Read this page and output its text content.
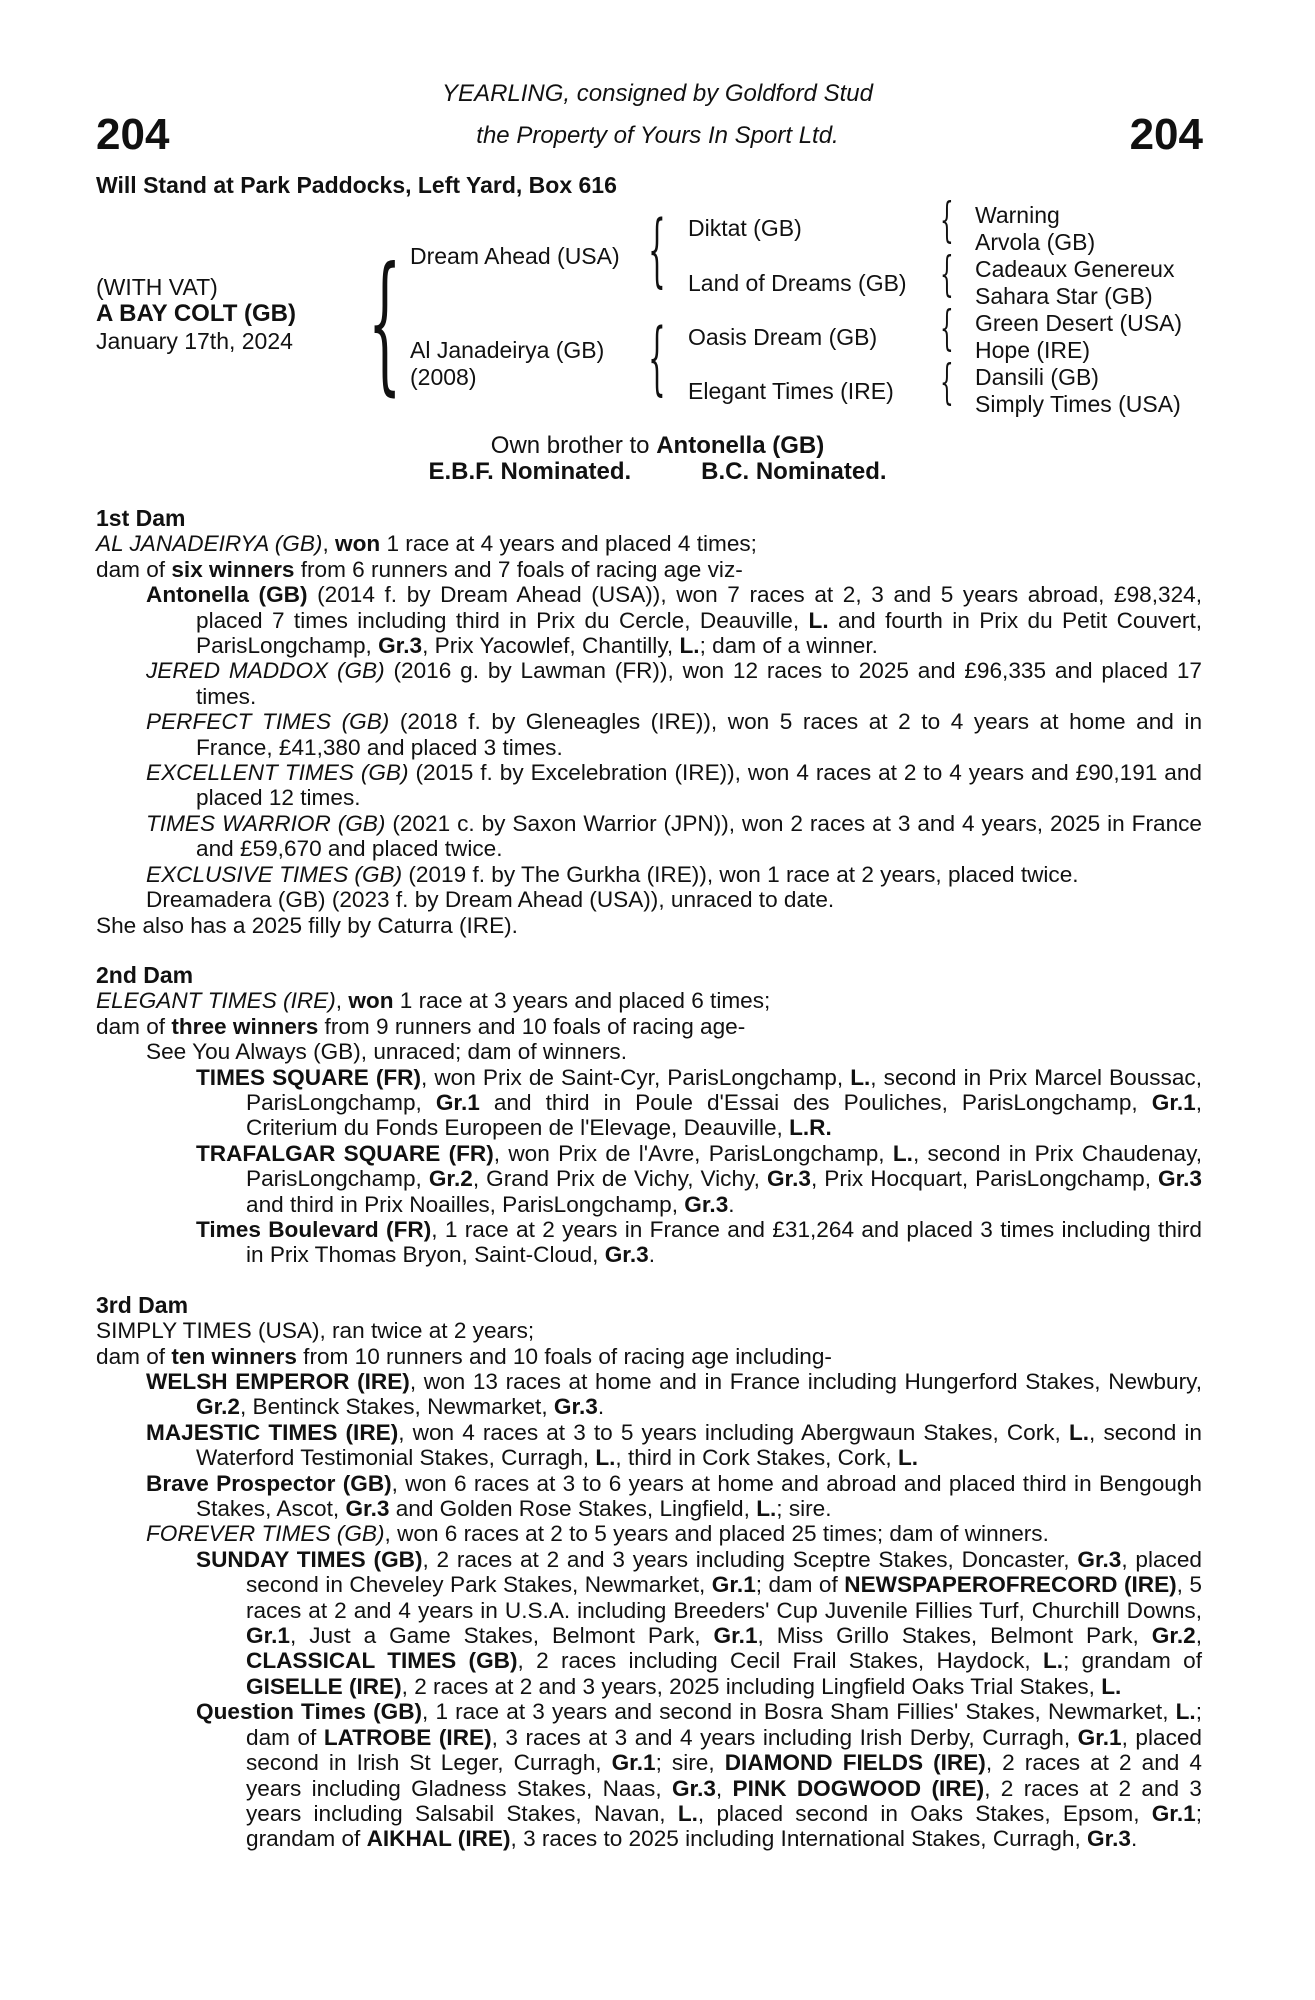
204	204
YEARLING, consigned by Goldford Stud
the Property of Yours In Sport Ltd.
Will Stand at Park Paddocks, Left Yard, Box 616
(WITH VAT)
A BAY COLT (GB)
January 17th, 2024 {	{
{
{
{
{
{
Dream Ahead (USA)
Al Janadeirya (GB)
(2008)
Diktat (GB)
Land of Dreams (GB)
Oasis Dream (GB)
Elegant Times (IRE)
Warning
Arvola (GB)
Cadeaux Genereux
Sahara Star (GB)
Green Desert (USA)
Hope (IRE)
Dansili (GB)
Simply Times (USA)
Own brother to Antonella (GB)
E.B.F. Nominated.	B.C. Nominated.

1st Dam

AL JANADEIRYA (GB), won 1 race at 4 years and placed 4 times;

dam of six winners from 6 runners and 7 foals of racing age viz-

Antonella (GB) (2014 f. by Dream Ahead (USA)), won 7 races at 2, 3 and 5 years abroad, £98,324, placed 7 times including third in Prix du Cercle, Deauville, L. and fourth in Prix du Petit Couvert, ParisLongchamp, Gr.3, Prix Yacowlef, Chantilly, L.; dam of a winner.

JERED MADDOX (GB) (2016 g. by Lawman (FR)), won 12 races to 2025 and £96,335 and placed 17 times.

PERFECT TIMES (GB) (2018 f. by Gleneagles (IRE)), won 5 races at 2 to 4 years at home and in France, £41,380 and placed 3 times.

EXCELLENT TIMES (GB) (2015 f. by Excelebration (IRE)), won 4 races at 2 to 4 years and £90,191 and placed 12 times.

TIMES WARRIOR (GB) (2021 c. by Saxon Warrior (JPN)), won 2 races at 3 and 4 years, 2025 in France and £59,670 and placed twice.

EXCLUSIVE TIMES (GB) (2019 f. by The Gurkha (IRE)), won 1 race at 2 years, placed twice.

Dreamadera (GB) (2023 f. by Dream Ahead (USA)), unraced to date.

She also has a 2025 filly by Caturra (IRE).

2nd Dam

ELEGANT TIMES (IRE), won 1 race at 3 years and placed 6 times;

dam of three winners from 9 runners and 10 foals of racing age-

See You Always (GB), unraced; dam of winners.

TIMES SQUARE (FR), won Prix de Saint-Cyr, ParisLongchamp, L., second in Prix Marcel Boussac, ParisLongchamp, Gr.1 and third in Poule d'Essai des Pouliches, ParisLongchamp, Gr.1, Criterium du Fonds Europeen de l'Elevage, Deauville, L.R.

TRAFALGAR SQUARE (FR), won Prix de l'Avre, ParisLongchamp, L., second in Prix Chaudenay, ParisLongchamp, Gr.2, Grand Prix de Vichy, Vichy, Gr.3, Prix Hocquart, ParisLongchamp, Gr.3 and third in Prix Noailles, ParisLongchamp, Gr.3.

Times Boulevard (FR), 1 race at 2 years in France and £31,264 and placed 3 times including third in Prix Thomas Bryon, Saint-Cloud, Gr.3.

3rd Dam

SIMPLY TIMES (USA), ran twice at 2 years;

dam of ten winners from 10 runners and 10 foals of racing age including-

WELSH EMPEROR (IRE), won 13 races at home and in France including Hungerford Stakes, Newbury, Gr.2, Bentinck Stakes, Newmarket, Gr.3.

MAJESTIC TIMES (IRE), won 4 races at 3 to 5 years including Abergwaun Stakes, Cork, L., second in Waterford Testimonial Stakes, Curragh, L., third in Cork Stakes, Cork, L.

Brave Prospector (GB), won 6 races at 3 to 6 years at home and abroad and placed third in Bengough Stakes, Ascot, Gr.3 and Golden Rose Stakes, Lingfield, L.; sire.

FOREVER TIMES (GB), won 6 races at 2 to 5 years and placed 25 times; dam of winners.

SUNDAY TIMES (GB), 2 races at 2 and 3 years including Sceptre Stakes, Doncaster, Gr.3, placed second in Cheveley Park Stakes, Newmarket, Gr.1; dam of NEWSPAPEROFRECORD (IRE), 5 races at 2 and 4 years in U.S.A. including Breeders' Cup Juvenile Fillies Turf, Churchill Downs, Gr.1, Just a Game Stakes, Belmont Park, Gr.1, Miss Grillo Stakes, Belmont Park, Gr.2, CLASSICAL TIMES (GB), 2 races including Cecil Frail Stakes, Haydock, L.; grandam of GISELLE (IRE), 2 races at 2 and 3 years, 2025 including Lingfield Oaks Trial Stakes, L.

Question Times (GB), 1 race at 3 years and second in Bosra Sham Fillies' Stakes, Newmarket, L.; dam of LATROBE (IRE), 3 races at 3 and 4 years including Irish Derby, Curragh, Gr.1, placed second in Irish St Leger, Curragh, Gr.1; sire, DIAMOND FIELDS (IRE), 2 races at 2 and 4 years including Gladness Stakes, Naas, Gr.3, PINK DOGWOOD (IRE), 2 races at 2 and 3 years including Salsabil Stakes, Navan, L., placed second in Oaks Stakes, Epsom, Gr.1; grandam of AIKHAL (IRE), 3 races to 2025 including International Stakes, Curragh, Gr.3.
